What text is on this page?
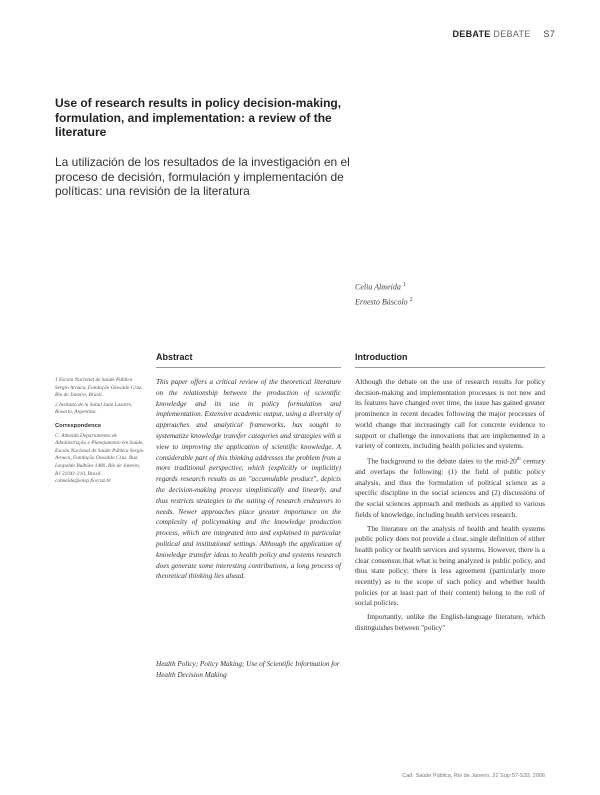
DEBATE DEBATE S7
Use of research results in policy decision-making, formulation, and implementation: a review of the literature
La utilización de los resultados de la investigación en el proceso de decisión, formulación y implementación de políticas: una revisión de la literatura
Celia Almeida $^1$
Ernesto Báscolo $^2$
Abstract	Introduction

1 Escola Nacional de Saúde Pública Sergio Arouca, Fundação Oswaldo Cruz, Rio de Janeiro, Brasil.

2 Instituto de la Salud Juan Lazarte, Rosario, Argentina.

Correspondence

C. Almeida Departamento de Administração e Planejamento em Saúde, Escola Nacional de Saúde Pública Sergio Arouca, Fundação Oswaldo Cruz. Rua Leopoldo Bulhões 1480, Rio de Janeiro, RJ 21041-210, Brasil. calmeida@ensp.fiocruz.br

This paper offers a critical review of the theoretical literature on the relationship between the production of scientific knowledge and its use in policy formulation and implementation. Extensive academic output, using a diversity of approaches and analytical frameworks, has sought to systematize knowledge transfer categories and strategies with a view to improving the application of scientific knowledge. A considerable part of this thinking addresses the problem from a more traditional perspective, which (explicitly or implicitly) regards research results as an "accumulable product", depicts the decision-making process simplistically and linearly, and thus restricts strategies to the suiting of research endeavors to needs. Newer approaches place greater importance on the complexity of policymaking and the knowledge production process, which are integrated into and explained in particular political and institutional settings. Although the application of knowledge transfer ideas to health policy and systems research does generate some interesting contributions, a long process of theoretical thinking lies ahead.

Health Policy; Policy Making; Use of Scientific Information for Health Decision Making

Although the debate on the use of research results for policy decision-making and implementation processes is not new and its features have changed over time, the issue has gained greater prominence in recent decades following the major processes of world change that increasingly call for concrete evidence to support or challenge the innovations that are implemented in a variety of contexts, including health policies and systems.

The background to the debate dates to the mid-20th century and overlaps the following: (1) the field of public policy analysis, and thus the formulation of political science as a specific discipline in the social sciences and (2) discussions of the social sciences approach and methods as applied to various fields of knowledge, including health services research.

The literature on the analysis of health and health systems public policy does not provide a clear, single definition of either health policy or health services and systems. However, there is a clear consensus that what is being analyzed is public policy, and thus state policy; there is less agreement (particularly more recently) as to the scope of such policy and whether health policies (or at least part of their content) belong to the roll of social policies.

Importantly, unlike the English-language literature, which distinguishes between "policy"

Cad. Saúde Pública, Rio de Janeiro, 22 Sup:S7-S33, 2006
